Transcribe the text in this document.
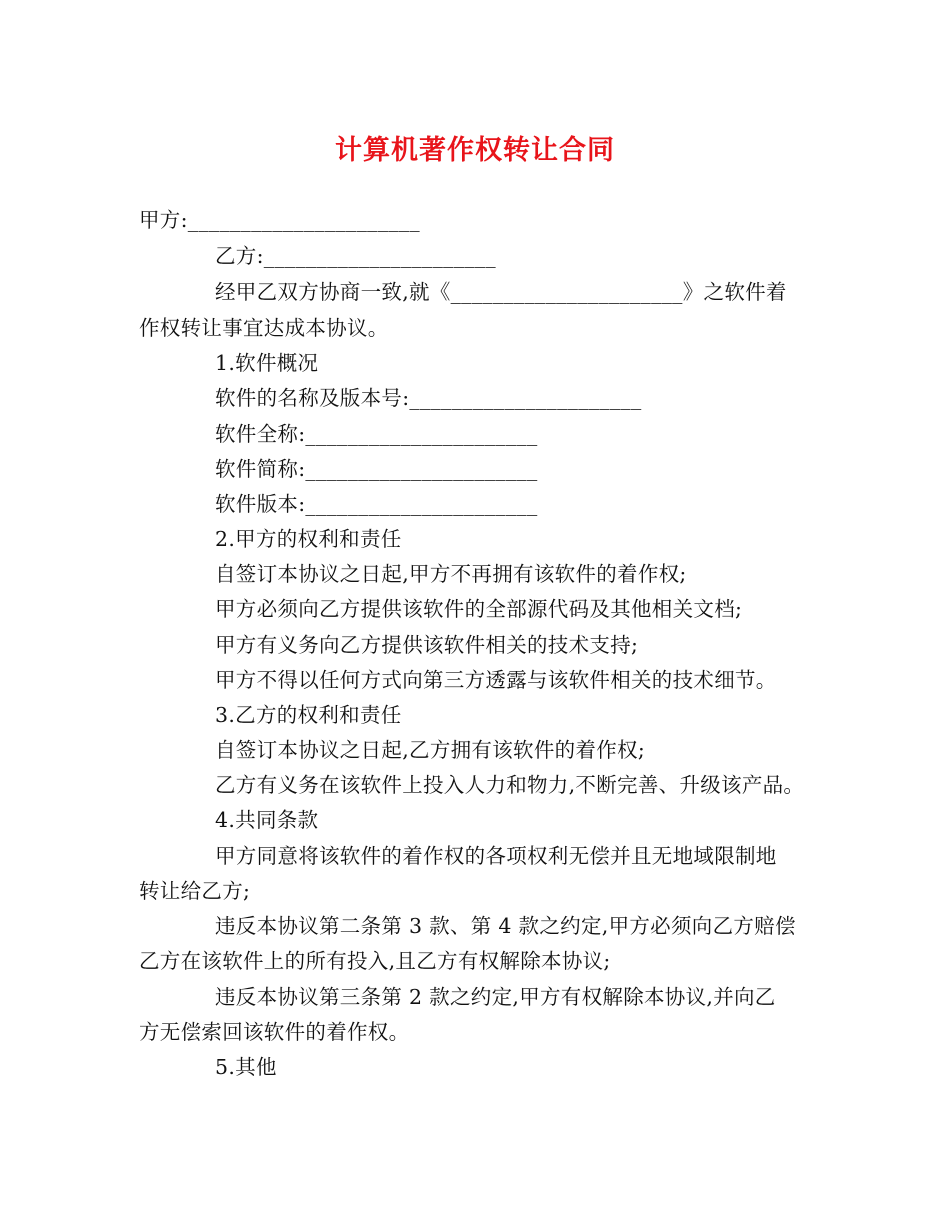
计算机著作权转让合同
甲方:______________________
乙方:______________________
经甲乙双方协商一致,就《______________________》之软件着
作权转让事宜达成本协议。
1.软件概况
软件的名称及版本号:______________________
软件全称:______________________
软件简称:______________________
软件版本:______________________
2.甲方的权利和责任
自签订本协议之日起,甲方不再拥有该软件的着作权;
甲方必须向乙方提供该软件的全部源代码及其他相关文档;
甲方有义务向乙方提供该软件相关的技术支持;
甲方不得以任何方式向第三方透露与该软件相关的技术细节。
3.乙方的权利和责任
自签订本协议之日起,乙方拥有该软件的着作权;
乙方有义务在该软件上投入人力和物力,不断完善、升级该产品。
4.共同条款
甲方同意将该软件的着作权的各项权利无偿并且无地域限制地
转让给乙方;
违反本协议第二条第 3 款、第 4 款之约定,甲方必须向乙方赔偿
乙方在该软件上的所有投入,且乙方有权解除本协议;
违反本协议第三条第 2 款之约定,甲方有权解除本协议,并向乙
方无偿索回该软件的着作权。
5.其他
